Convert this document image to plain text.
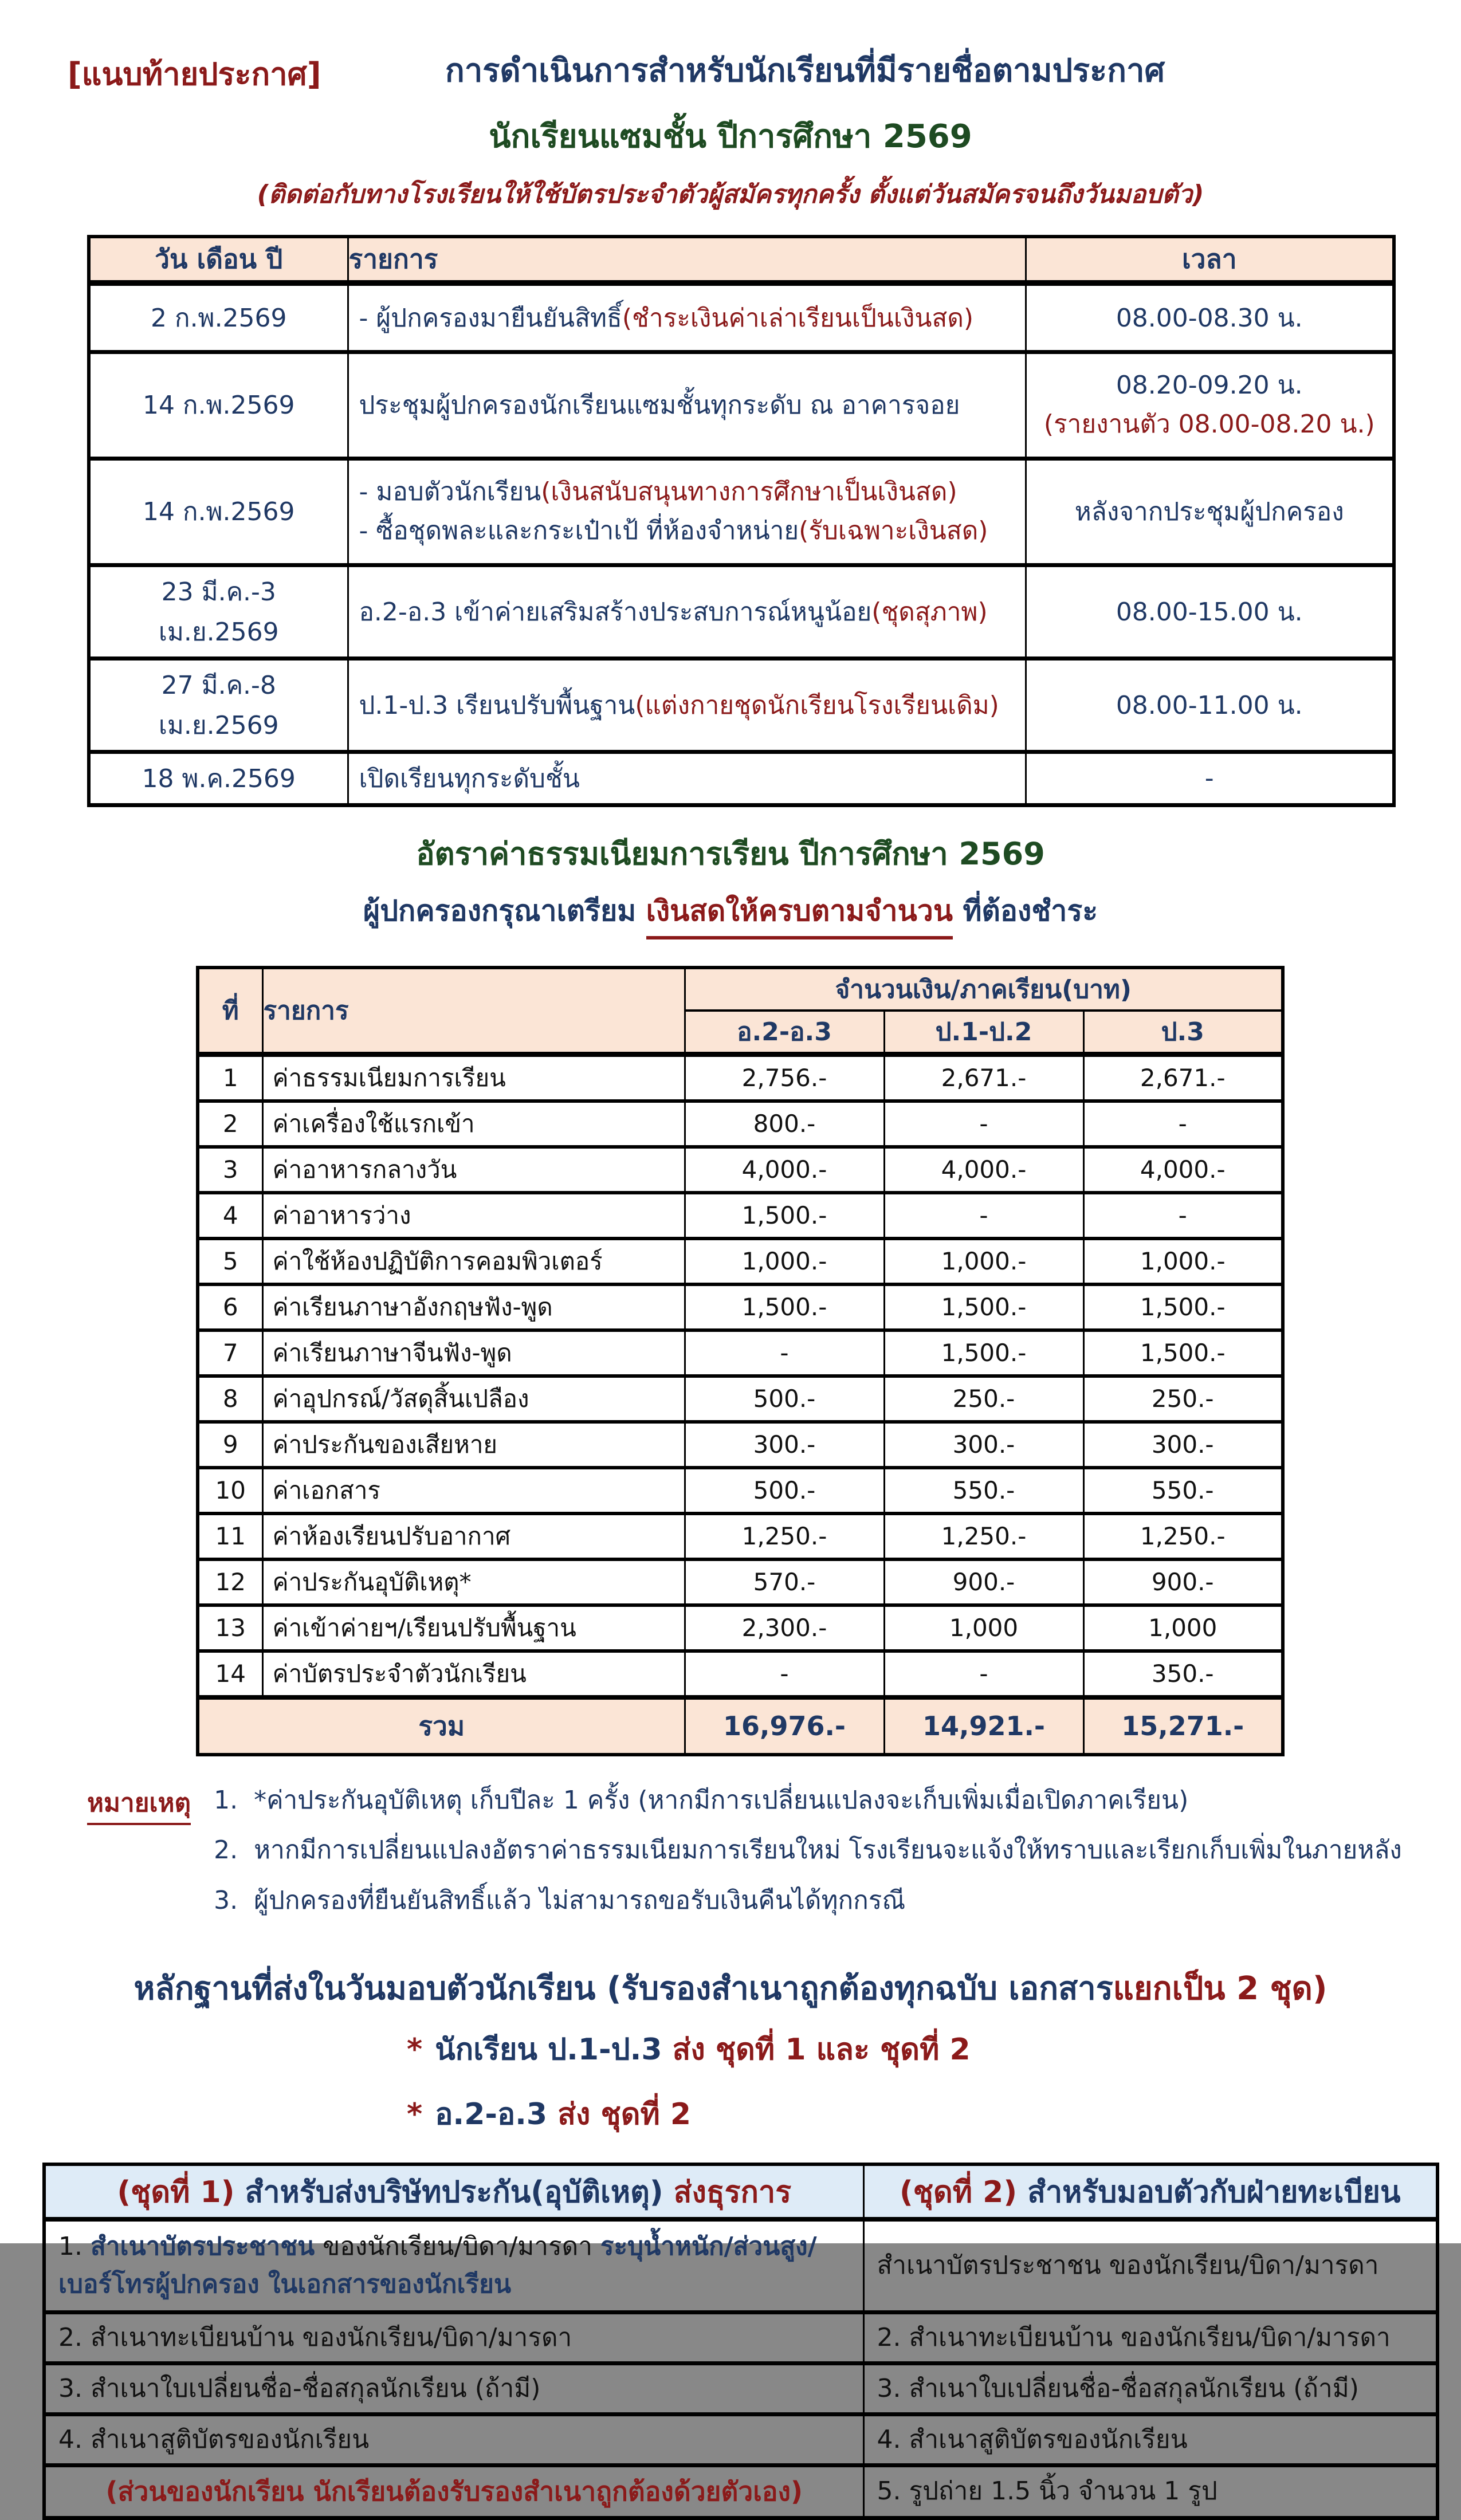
[แนบท้ายประกาศ]	การดำเนินการสำหรับนักเรียนที่มีรายชื่อตามประกาศ
นักเรียนแซมชั้น ปีการศึกษา 2569
(ติดต่อกับทางโรงเรียนให้ใช้บัตรประจำตัวผู้สมัครทุกครั้ง ตั้งแต่วันสมัครจนถึงวันมอบตัว)
วัน เดือน ปี	รายการ	เวลา
2 ก.พ.2569	- ผู้ปกครองมายืนยันสิทธิ์(ชำระเงินค่าเล่าเรียนเป็นเงินสด)	08.00-08.30 น.
14 ก.พ.2569	ประชุมผู้ปกครองนักเรียนแซมชั้นทุกระดับ ณ อาคารจอย	08.20-09.20 น.
(รายงานตัว 08.00-08.20 น.)

14 ก.พ.2569	- มอบตัวนักเรียน(เงินสนับสนุนทางการศึกษาเป็นเงินสด)
- ซื้อชุดพละและกระเป๋าเป้ ที่ห้องจำหน่าย(รับเฉพาะเงินสด)	หลังจากประชุมผู้ปกครอง
23 มี.ค.-3 เม.ย.2569	อ.2-อ.3 เข้าค่ายเสริมสร้างประสบการณ์หนูน้อย(ชุดสุภาพ)	08.00-15.00 น.
27 มี.ค.-8 เม.ย.2569	ป.1-ป.3 เรียนปรับพื้นฐาน(แต่งกายชุดนักเรียนโรงเรียนเดิม)	08.00-11.00 น.
18 พ.ค.2569	เปิดเรียนทุกระดับชั้น	-
อัตราค่าธรรมเนียมการเรียน ปีการศึกษา 2569
ผู้ปกครองกรุณาเตรียม เงินสดให้ครบตามจำนวน ที่ต้องชำระ
ที่	รายการ	จำนวนเงิน/ภาคเรียน(บาท)		
		อ.2-อ.3	ป.1-ป.2	ป.3
1	ค่าธรรมเนียมการเรียน	2,756.-	2,671.-	2,671.-
2	ค่าเครื่องใช้แรกเข้า	800.-	-	-
3	ค่าอาหารกลางวัน	4,000.-	4,000.-	4,000.-
4	ค่าอาหารว่าง	1,500.-	-	-
5	ค่าใช้ห้องปฏิบัติการคอมพิวเตอร์	1,000.-	1,000.-	1,000.-
6	ค่าเรียนภาษาอังกฤษฟัง-พูด	1,500.-	1,500.-	1,500.-
7	ค่าเรียนภาษาจีนฟัง-พูด	-	1,500.-	1,500.-
8	ค่าอุปกรณ์/วัสดุสิ้นเปลือง	500.-	250.-	250.-
9	ค่าประกันของเสียหาย	300.-	300.-	300.-
10	ค่าเอกสาร	500.-	550.-	550.-
11	ค่าห้องเรียนปรับอากาศ	1,250.-	1,250.-	1,250.-
12	ค่าประกันอุบัติเหตุ*	570.-	900.-	900.-
13	ค่าเข้าค่ายฯ/เรียนปรับพื้นฐาน	2,300.-	1,000	1,000
14	ค่าบัตรประจำตัวนักเรียน	-	-	350.-
รวม		16,976.-	14,921.-	15,271.-
หมายเหตุ 1. *ค่าประกันอุบัติเหตุ เก็บปีละ 1 ครั้ง (หากมีการเปลี่ยนแปลงจะเก็บเพิ่มเมื่อเปิดภาคเรียน)
2. หากมีการเปลี่ยนแปลงอัตราค่าธรรมเนียมการเรียนใหม่ โรงเรียนจะแจ้งให้ทราบและเรียกเก็บเพิ่มในภายหลัง
3. ผู้ปกครองที่ยืนยันสิทธิ์แล้ว ไม่สามารถขอรับเงินคืนได้ทุกกรณี
หลักฐานที่ส่งในวันมอบตัวนักเรียน (รับรองสำเนาถูกต้องทุกฉบับ เอกสารแยกเป็น 2 ชุด)
* นักเรียน ป.1-ป.3 ส่ง ชุดที่ 1 และ ชุดที่ 2
* อ.2-อ.3 ส่ง ชุดที่ 2
(ชุดที่ 1) สำหรับส่งบริษัทประกัน(อุบัติเหตุ) ส่งธุรการ	(ชุดที่ 2) สำหรับมอบตัวกับฝ่ายทะเบียน
1. สำเนาบัตรประชาชน ของนักเรียน/บิดา/มารดา ระบุน้ำหนัก/ส่วนสูง/เบอร์โทรผู้ปกครอง ในเอกสารของนักเรียน	สำเนาบัตรประชาชน ของนักเรียน/บิดา/มารดา
2. สำเนาทะเบียนบ้าน ของนักเรียน/บิดา/มารดา	2. สำเนาทะเบียนบ้าน ของนักเรียน/บิดา/มารดา
3. สำเนาใบเปลี่ยนชื่อ-ชื่อสกุลนักเรียน (ถ้ามี)	3. สำเนาใบเปลี่ยนชื่อ-ชื่อสกุลนักเรียน (ถ้ามี)
4. สำเนาสูติบัตรของนักเรียน	4. สำเนาสูติบัตรของนักเรียน
(ส่วนของนักเรียน นักเรียนต้องรับรองสำเนาถูกต้องด้วยตัวเอง)	5. รูปถ่าย 1.5 นิ้ว จำนวน 1 รูป
